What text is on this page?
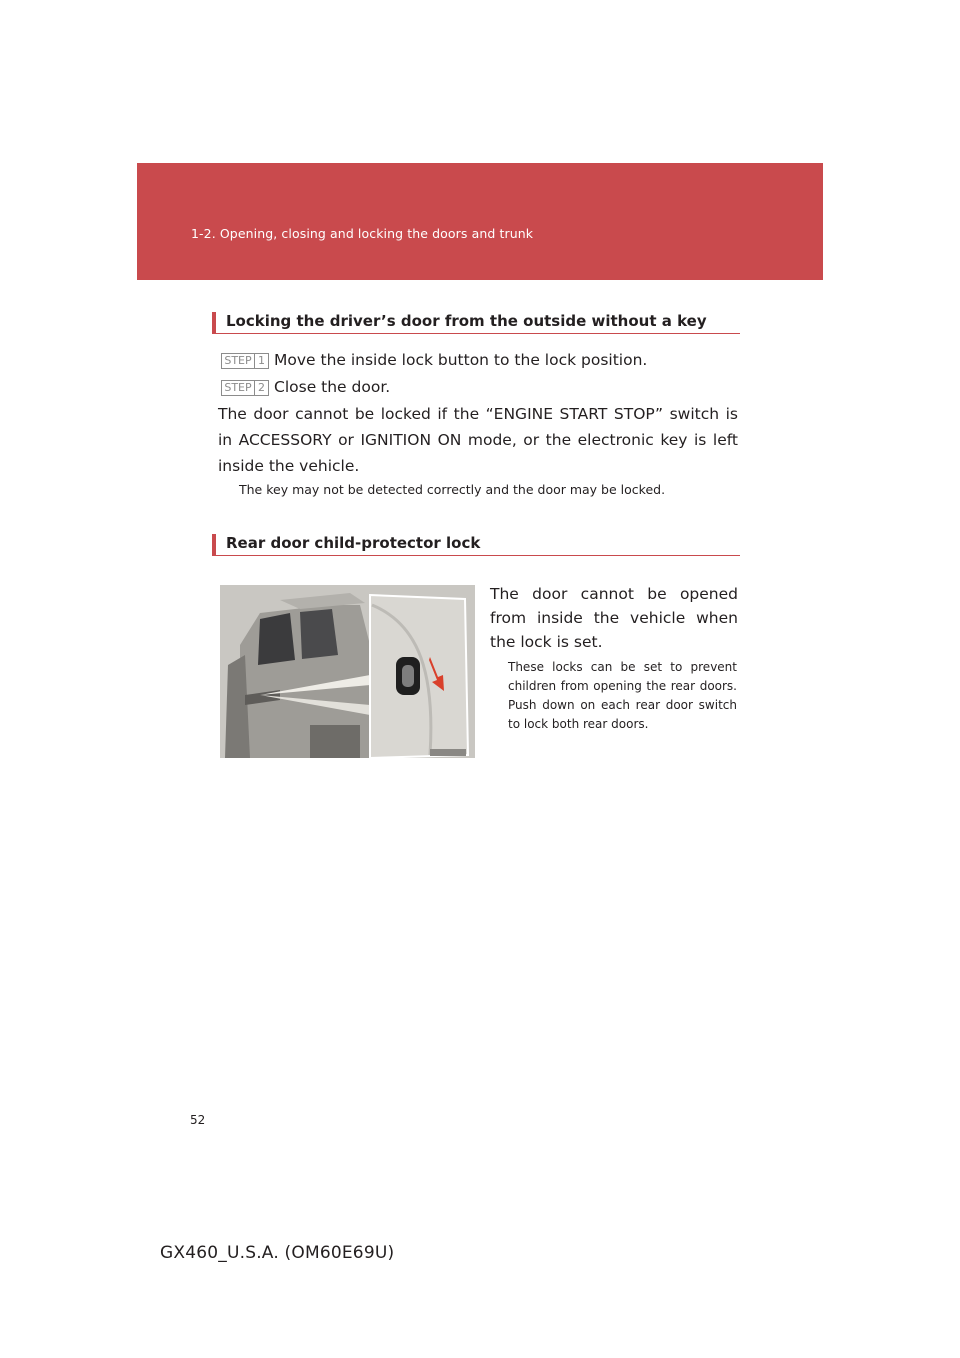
1-2. Opening, closing and locking the doors and trunk
Locking the driver’s door from the outside without a key
STEP 1 Move the inside lock button to the lock position.
STEP 2 Close the door.
The door cannot be locked if the “ENGINE START STOP” switch is in ACCESSORY or IGNITION ON mode, or the electronic key is left inside the vehicle.
The key may not be detected correctly and the door may be locked.
Rear door child-protector lock
The door cannot be opened from inside the vehicle when the lock is set.
These locks can be set to prevent children from opening the rear doors. Push down on each rear door switch to lock both rear doors.
52
GX460_U.S.A. (OM60E69U)
